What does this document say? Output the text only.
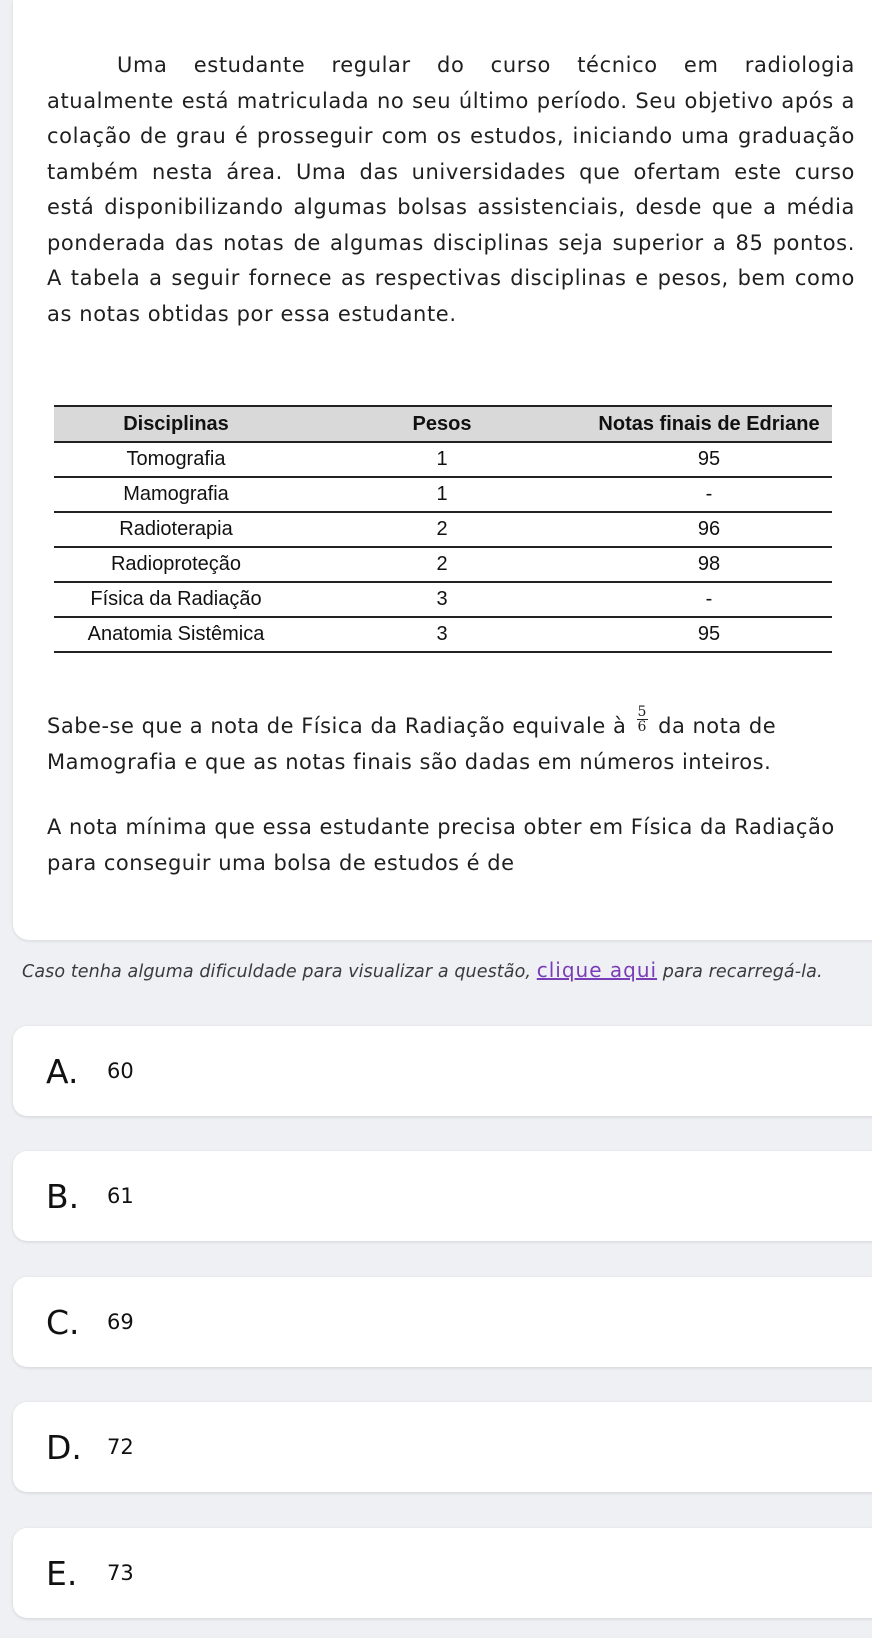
Uma estudante regular do curso técnico em radiologia atualmente está matriculada no seu último período. Seu objetivo após a colação de grau é prosseguir com os estudos, iniciando uma graduação também nesta área. Uma das universidades que ofertam este curso está disponibilizando algumas bolsas assistenciais, desde que a média ponderada das notas de algumas disciplinas seja superior a 85 pontos. A tabela a seguir fornece as respectivas disciplinas e pesos, bem como as notas obtidas por essa estudante.

Disciplinas	Pesos	Notas finais de Edriane
Tomografia	1	95
Mamografia	1	-
Radioterapia	2	96
Radioproteção	2	98
Física da Radiação	3	-
Anatomia Sistêmica	3	95

Sabe-se que a nota de Física da Radiação equivale à $\frac{5}{6}$ da nota de Mamografia e que as notas finais são dadas em números inteiros.

A nota mínima que essa estudante precisa obter em Física da Radiação para conseguir uma bolsa de estudos é de

Caso tenha alguma dificuldade para visualizar a questão, clique aqui para recarregá-la.

A. 60
B. 61
C. 69
D. 72
E. 73
